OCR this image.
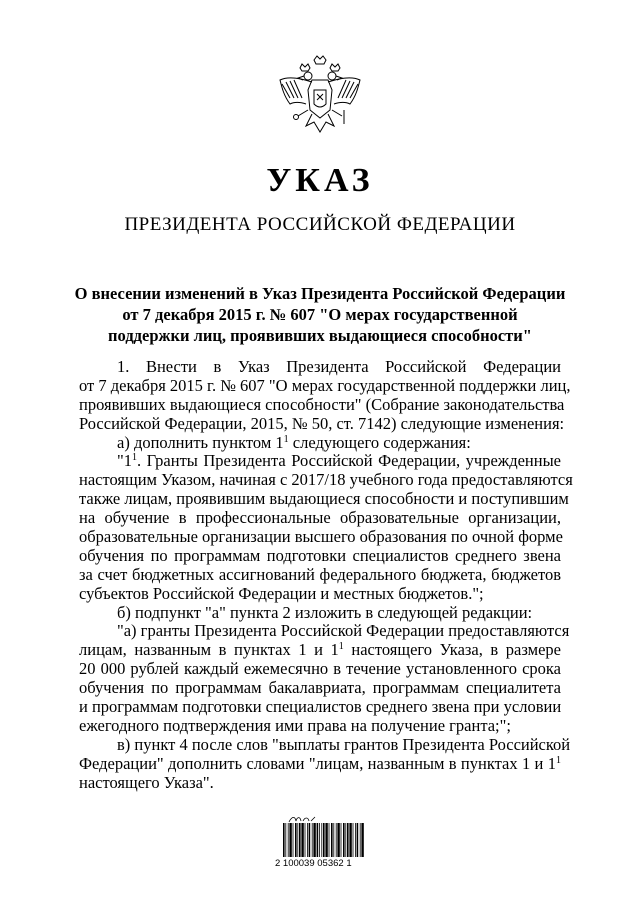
УКАЗ
ПРЕЗИДЕНТА РОССИЙСКОЙ ФЕДЕРАЦИИ
О внесении изменений в Указ Президента Российской Федерации
от 7 декабря 2015 г. № 607 "О мерах государственной
поддержки лиц, проявивших выдающиеся способности"
1. Внести в Указ Президента Российской Федерации
от 7 декабря 2015 г. № 607 "О мерах государственной поддержки лиц,
проявивших выдающиеся способности" (Собрание законодательства
Российской Федерации, 2015, № 50, ст. 7142) следующие изменения:
а) дополнить пунктом $1^1$ следующего содержания:
"$1^1$. Гранты Президента Российской Федерации, учрежденные
настоящим Указом, начиная с 2017/18 учебного года предоставляются
также лицам, проявившим выдающиеся способности и поступившим
на обучение в профессиональные образовательные организации,
образовательные организации высшего образования по очной форме
обучения по программам подготовки специалистов среднего звена
за счет бюджетных ассигнований федерального бюджета, бюджетов
субъектов Российской Федерации и местных бюджетов.";
б) подпункт "а" пункта 2 изложить в следующей редакции:
"а) гранты Президента Российской Федерации предоставляются
лицам, названным в пунктах 1 и $1^1$ настоящего Указа, в размере
20 000 рублей каждый ежемесячно в течение установленного срока
обучения по программам бакалавриата, программам специалитета
и программам подготовки специалистов среднего звена при условии
ежегодного подтверждения ими права на получение гранта;";
в) пункт 4 после слов "выплаты грантов Президента Российской
Федерации" дополнить словами "лицам, названным в пунктах 1 и $1^1$
настоящего Указа".
2 100039 05362 1
